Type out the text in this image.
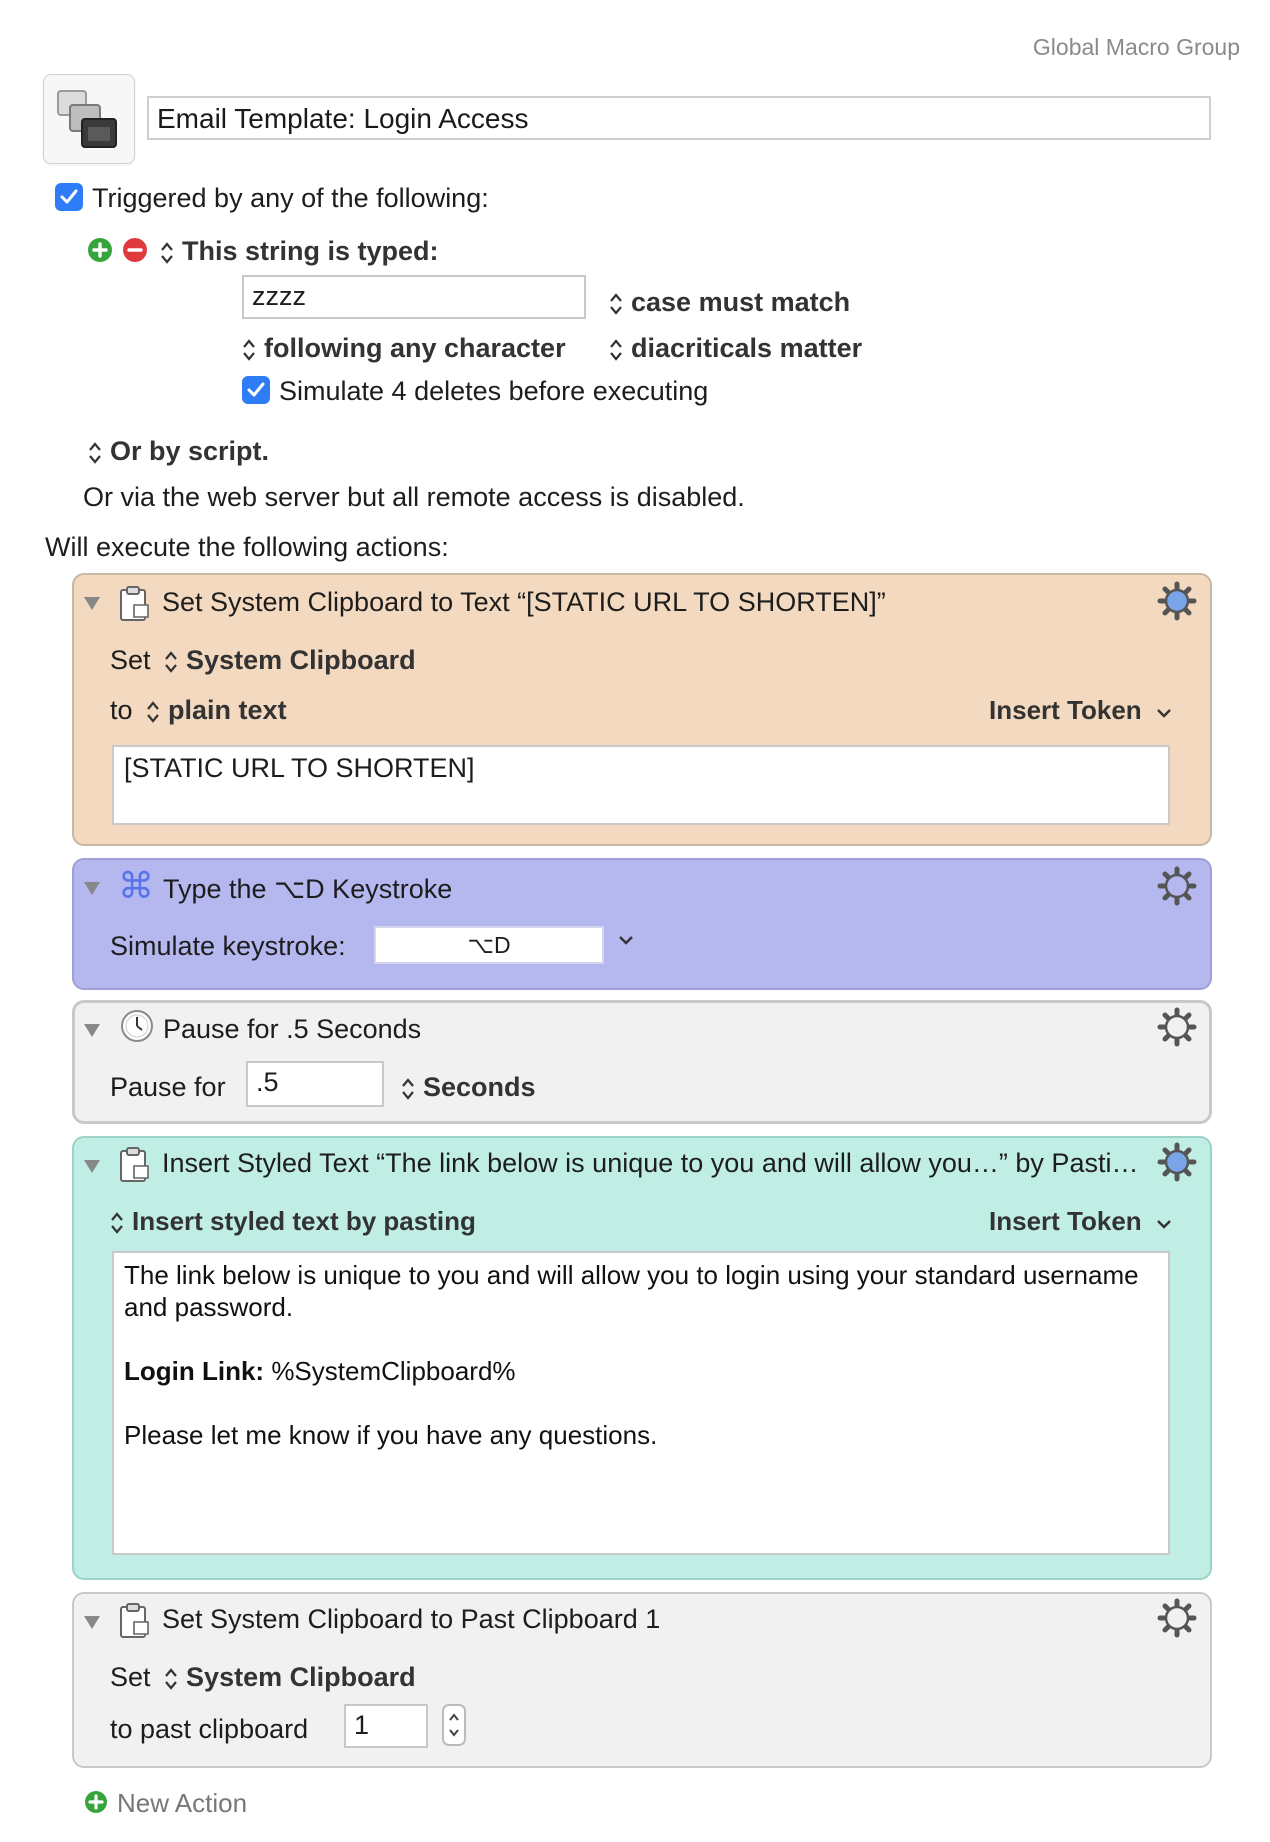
Global Macro Group
Email Template: Login Access
Triggered by any of the following:
This string is typed:
zzzz	case must match
following any character	diacriticals matter
Simulate 4 deletes before executing
Or by script.
Or via the web server but all remote access is disabled.
Will execute the following actions:
Set System Clipboard to Text “[STATIC URL TO SHORTEN]”
Set System Clipboard
to plain text	Insert Token
[STATIC URL TO SHORTEN]
⌘ Type the ⌥D Keystroke
Simulate keystroke:	⌥D
Pause for .5 Seconds
Pause for	.5	Seconds
Insert Styled Text “The link below is unique to you and will allow you…” by Pasti…
Insert styled text by pasting	Insert Token
The link below is unique to you and will allow you to login using your standard username and password.
Login Link: %SystemClipboard%
Please let me know if you have any questions.
Set System Clipboard to Past Clipboard 1
Set System Clipboard
to past clipboard	1
New Action
